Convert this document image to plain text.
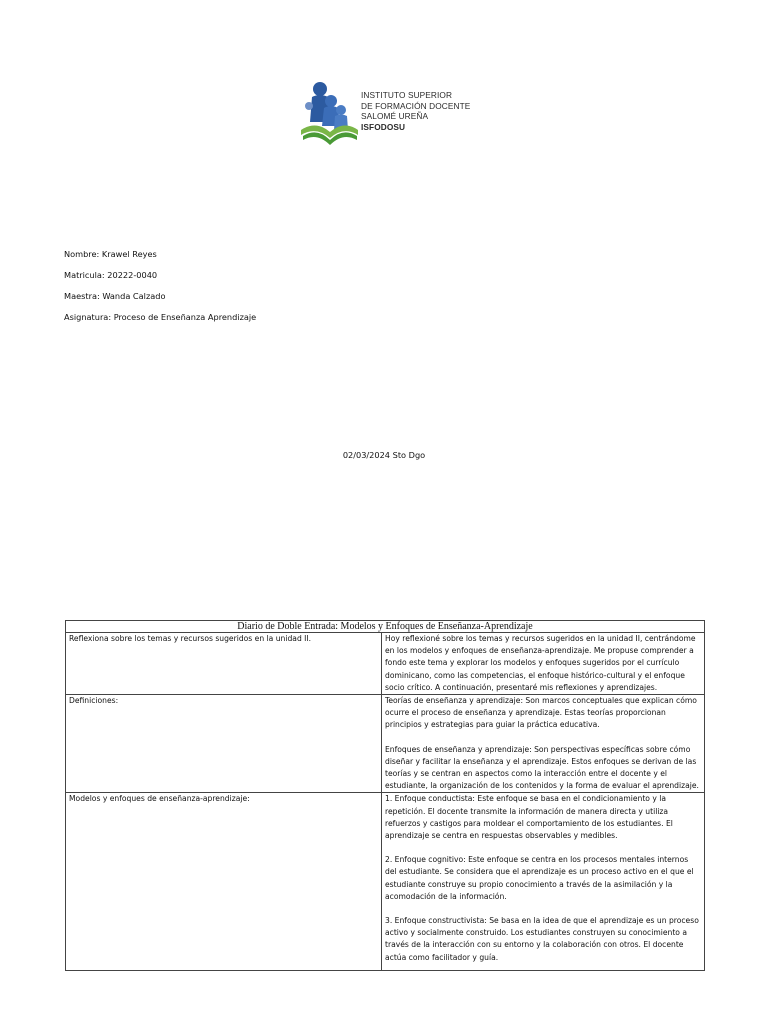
INSTITUTO SUPERIOR
DE FORMACIÓN DOCENTE
SALOMÉ UREÑA
ISFODOSU
Nombre: Krawel Reyes
Matricula: 20222-0040
Maestra: Wanda Calzado
Asignatura: Proceso de Enseñanza Aprendizaje
02/03/2024 Sto Dgo
Diario de Doble Entrada: Modelos y Enfoques de Enseñanza-Aprendizaje	
Reflexiona sobre los temas y recursos sugeridos en la unidad II.	Hoy reflexioné sobre los temas y recursos sugeridos en la unidad II, centrándome en los modelos y enfoques de enseñanza-aprendizaje. Me propuse comprender a fondo este tema y explorar los modelos y enfoques sugeridos por el currículo dominicano, como las competencias, el enfoque histórico-cultural y el enfoque socio crítico. A continuación, presentaré mis reflexiones y aprendizajes.

Definiciones:	Teorías de enseñanza y aprendizaje: Son marcos conceptuales que explican cómo ocurre el proceso de enseñanza y aprendizaje. Estas teorías proporcionan principios y estrategias para guiar la práctica educativa.

Enfoques de enseñanza y aprendizaje: Son perspectivas específicas sobre cómo diseñar y facilitar la enseñanza y el aprendizaje. Estos enfoques se derivan de las teorías y se centran en aspectos como la interacción entre el docente y el estudiante, la organización de los contenidos y la forma de evaluar el aprendizaje.

Modelos y enfoques de enseñanza-aprendizaje:	1. Enfoque conductista: Este enfoque se basa en el condicionamiento y la repetición. El docente transmite la información de manera directa y utiliza refuerzos y castigos para moldear el comportamiento de los estudiantes. El aprendizaje se centra en respuestas observables y medibles.

2. Enfoque cognitivo: Este enfoque se centra en los procesos mentales internos del estudiante. Se considera que el aprendizaje es un proceso activo en el que el estudiante construye su propio conocimiento a través de la asimilación y la acomodación de la información.

3. Enfoque constructivista: Se basa en la idea de que el aprendizaje es un proceso activo y socialmente construido. Los estudiantes construyen su conocimiento a través de la interacción con su entorno y la colaboración con otros. El docente actúa como facilitador y guía.
